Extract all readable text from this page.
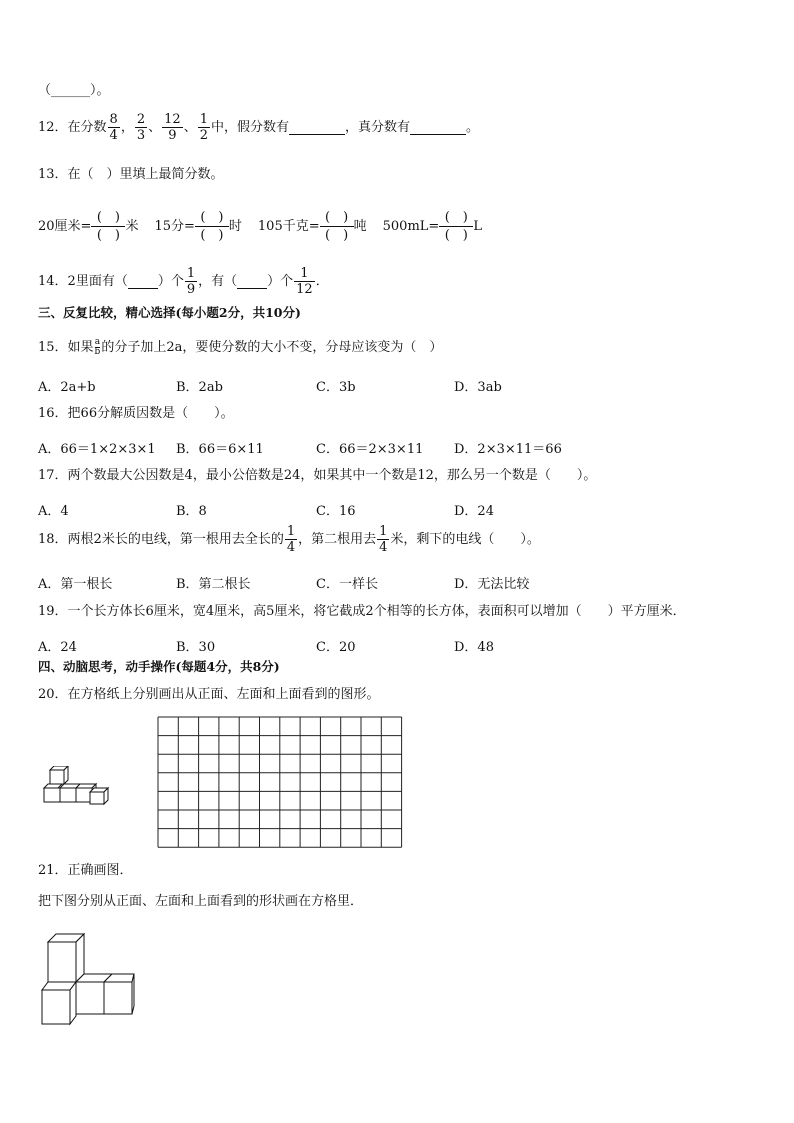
（______）。
12．在分数 $\frac{8}{4}$ ， $\frac{2}{3}$ 、 $\frac{12}{9}$ 、 $\frac{1}{2}$ 中，假分数有	，真分数有	。
13．在（　）里填上最简分数。
20厘米= $\frac{( )}{( )}$ 米 15分= $\frac{( )}{( )}$ 时 105千克= $\frac{( )}{( )}$ 吨 $500mL= \frac{( )}{( )}$ L
14．2里面有（ ）个 $\frac{1}{9}$ ，有（ ）个 $\frac{1}{12}$ ．
三、反复比较，精心选择(每小题2分，共10分)
15．如果$\frac{a}{b}$的分子加上2a，要使分数的大小不变，分母应该变为（　）
A．2a+b	B．2ab	C．3b	D．3ab
16．把66分解质因数是（　　）。
A．66＝1×2×3×1 B．66＝6×11	C．66＝2×3×11 D．2×3×11＝66
17．两个数最大公因数是4，最小公倍数是24，如果其中一个数是12，那么另一个数是（　　）。
A．4	B．8	C．16	D．24
18．两根2米长的电线，第一根用去全长的 $\frac{1}{4}$ ，第二根用去 $\frac{1}{4}$ 米，剩下的电线（　　）。
A．第一根长	B．第二根长	C．一样长	D．无法比较
19．一个长方体长6厘米，宽4厘米，高5厘米，将它截成2个相等的长方体，表面积可以增加（　　）平方厘米．
A．24	B．30	C．20	D．48
四、动脑思考，动手操作(每题4分，共8分)
20．在方格纸上分别画出从正面、左面和上面看到的图形。
21．正确画图．
把下图分别从正面、左面和上面看到的形状画在方格里．
